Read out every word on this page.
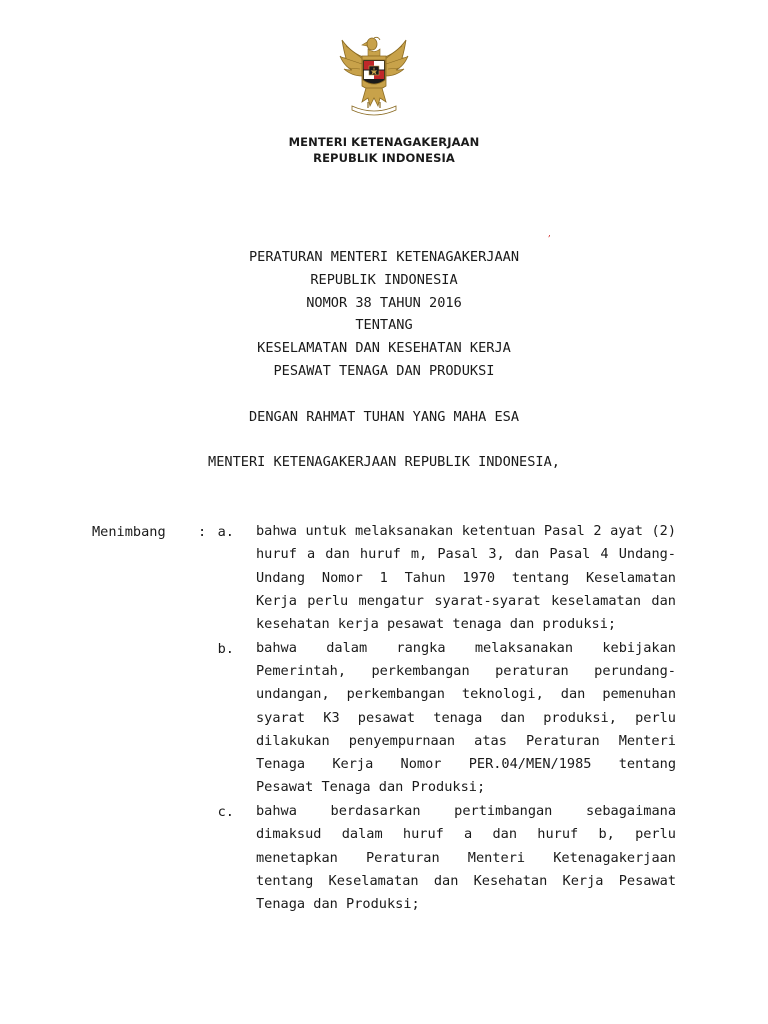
MENTERI KETENAGAKERJAAN
REPUBLIK INDONESIA
,
PERATURAN MENTERI KETENAGAKERJAAN
REPUBLIK INDONESIA
NOMOR 38 TAHUN 2016
TENTANG
KESELAMATAN DAN KESEHATAN KERJA
PESAWAT TENAGA DAN PRODUKSI
DENGAN RAHMAT TUHAN YANG MAHA ESA
MENTERI KETENAGAKERJAAN REPUBLIK INDONESIA,
Menimbang : a. bahwa untuk melaksanakan ketentuan Pasal 2 ayat (2)
huruf a dan huruf m, Pasal 3, dan Pasal 4 Undang-
Undang Nomor 1 Tahun 1970 tentang Keselamatan
Kerja perlu mengatur syarat-syarat keselamatan dan
kesehatan kerja pesawat tenaga dan produksi;
b. bahwa dalam rangka melaksanakan kebijakan
Pemerintah, perkembangan peraturan perundang-
undangan, perkembangan teknologi, dan pemenuhan
syarat K3 pesawat tenaga dan produksi, perlu
dilakukan penyempurnaan atas Peraturan Menteri
Tenaga Kerja Nomor PER.04/MEN/1985 tentang
Pesawat Tenaga dan Produksi;
c. bahwa berdasarkan pertimbangan sebagaimana
dimaksud dalam huruf a dan huruf b, perlu
menetapkan Peraturan Menteri Ketenagakerjaan
tentang Keselamatan dan Kesehatan Kerja Pesawat
Tenaga dan Produksi;
